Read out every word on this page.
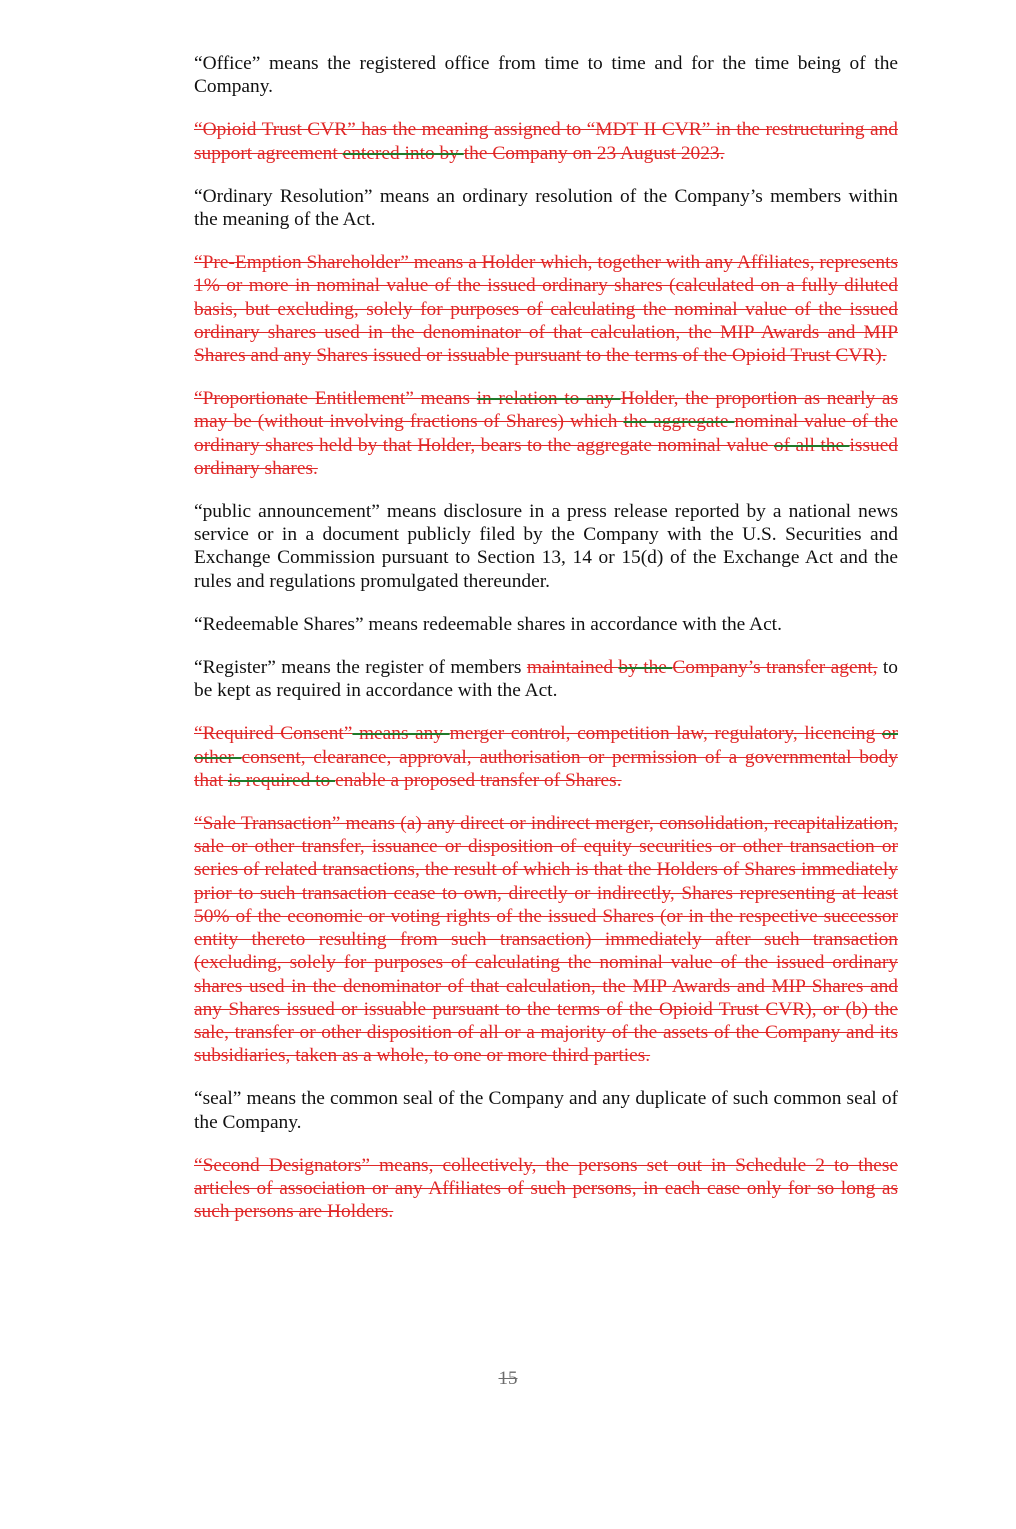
“Office” means the registered office from time to time and for the time being of the Company.

“Opioid Trust CVR” has the meaning assigned to “MDT II CVR” in the restructuring and support agreement entered into by the Company on 23 August 2023.

“Ordinary Resolution” means an ordinary resolution of the Company’s members within the meaning of the Act.

“Pre-Emption Shareholder” means a Holder which, together with any Affiliates, represents 1% or more in nominal value of the issued ordinary shares (calculated on a fully diluted basis, but excluding, solely for purposes of calculating the nominal value of the issued ordinary shares used in the denominator of that calculation, the MIP Awards and MIP Shares and any Shares issued or issuable pursuant to the terms of the Opioid Trust CVR).

“Proportionate Entitlement” means in relation to any Holder, the proportion as nearly as may be (without involving fractions of Shares) which the aggregate nominal value of the ordinary shares held by that Holder, bears to the aggregate nominal value of all the issued ordinary shares.

“public announcement” means disclosure in a press release reported by a national news service or in a document publicly filed by the Company with the U.S. Securities and Exchange Commission pursuant to Section 13, 14 or 15(d) of the Exchange Act and the rules and regulations promulgated thereunder.

“Redeemable Shares” means redeemable shares in accordance with the Act.

“Register” means the register of members maintained by the Company’s transfer agent, to be kept as required in accordance with the Act.

“Required Consent” means any merger control, competition law, regulatory, licencing or other consent, clearance, approval, authorisation or permission of a governmental body that is required to enable a proposed transfer of Shares.

“Sale Transaction” means (a) any direct or indirect merger, consolidation, recapitalization, sale or other transfer, issuance or disposition of equity securities or other transaction or series of related transactions, the result of which is that the Holders of Shares immediately prior to such transaction cease to own, directly or indirectly, Shares representing at least 50% of the economic or voting rights of the issued Shares (or in the respective successor entity thereto resulting from such transaction) immediately after such transaction (excluding, solely for purposes of calculating the nominal value of the issued ordinary shares used in the denominator of that calculation, the MIP Awards and MIP Shares and any Shares issued or issuable pursuant to the terms of the Opioid Trust CVR), or (b) the sale, transfer or other disposition of all or a majority of the assets of the Company and its subsidiaries, taken as a whole, to one or more third parties.

“seal” means the common seal of the Company and any duplicate of such common seal of the Company.

“Second Designators” means, collectively, the persons set out in Schedule 2 to these articles of association or any Affiliates of such persons, in each case only for so long as such persons are Holders.

15
